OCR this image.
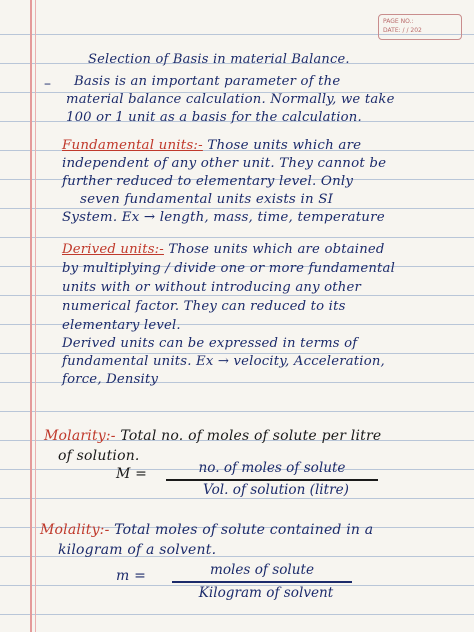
PAGE NO.:
DATE: / / 202
Selection of Basis in material Balance.
– Basis is an important parameter of the
material balance calculation. Normally, we take
100 or 1 unit as a basis for the calculation.
Fundamental units:- Those units which are
independent of any other unit. They cannot be
further reduced to elementary level. Only
seven fundamental units exists in SI
System. Ex → length, mass, time, temperature
Derived units:- Those units which are obtained
by multiplying / divide one or more fundamental
units with or without introducing any other
numerical factor. They can reduced to its
elementary level.
Derived units can be expressed in terms of
fundamental units. Ex → velocity, Acceleration,
force, Density
Molarity:- Total no. of moles of solute per litre
of solution.
M =	no. of moles of solute
Vol. of solution (litre)
Molality:- Total moles of solute contained in a
kilogram of a solvent.
m =	moles of solute
Kilogram of solvent
